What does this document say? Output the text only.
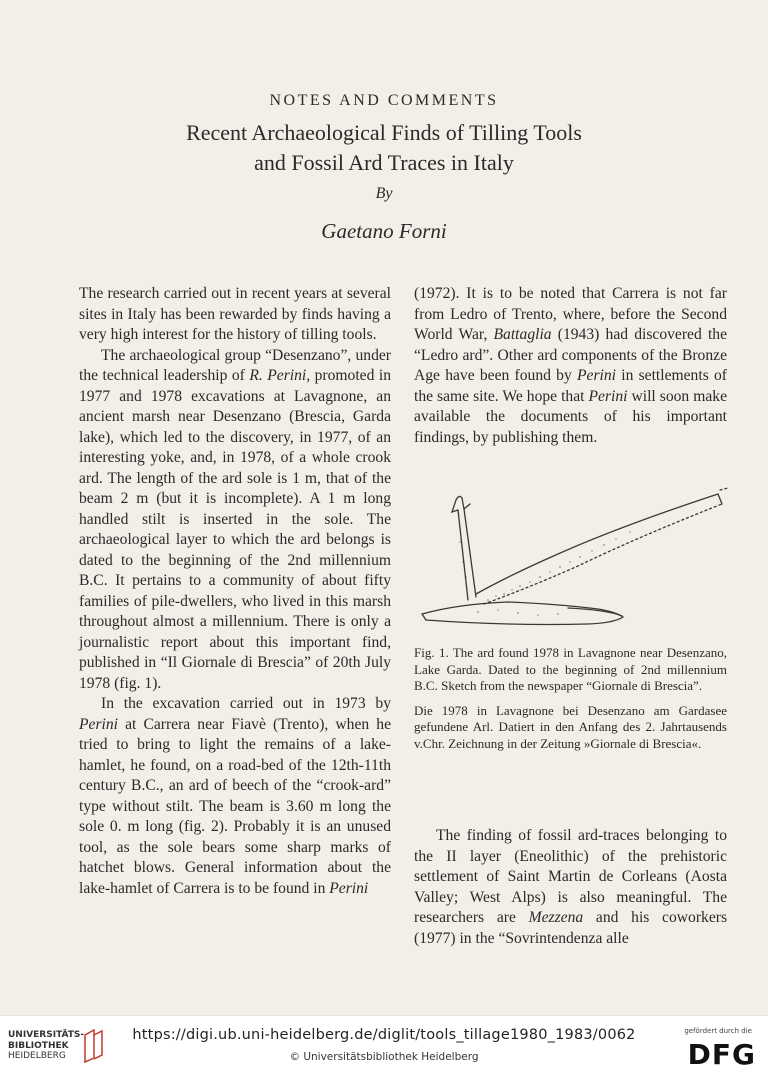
NOTES AND COMMENTS
Recent Archaeological Finds of Tilling Tools
and Fossil Ard Traces in Italy
By
Gaetano Forni

The research carried out in recent years at several sites in Italy has been rewarded by finds having a very high interest for the history of tilling tools.

The archaeological group “Desenzano”, under the technical leadership of R. Perini, promoted in 1977 and 1978 excavations at Lavagnone, an ancient marsh near Desenzano (Brescia, Garda lake), which led to the discovery, in 1977, of an interesting yoke, and, in 1978, of a whole crook ard. The length of the ard sole is 1 m, that of the beam 2 m (but it is incomplete). A 1 m long handled stilt is inserted in the sole. The archaeological layer to which the ard belongs is dated to the beginning of the 2nd millennium B.C. It pertains to a community of about fifty families of pile-dwellers, who lived in this marsh throughout almost a millennium. There is only a journalistic report about this important find, published in “Il Giornale di Brescia” of 20th July 1978 (fig. 1).

In the excavation carried out in 1973 by Perini at Carrera near Fiavè (Trento), when he tried to bring to light the remains of a lake-hamlet, he found, on a road-bed of the 12th-11th century B.C., an ard of beech of the “crook-ard” type without stilt. The beam is 3.60 m long the sole 0. m long (fig. 2). Probably it is an unused tool, as the sole bears some sharp marks of hatchet blows. General information about the lake-hamlet of Carrera is to be found in Perini

(1972). It is to be noted that Carrera is not far from Ledro of Trento, where, before the Second World War, Battaglia (1943) had discovered the “Ledro ard”. Other ard components of the Bronze Age have been found by Perini in settlements of the same site. We hope that Perini will soon make available the documents of his important findings, by publishing them.

Fig. 1. The ard found 1978 in Lavagnone near Desenzano, Lake Garda. Dated to the beginning of 2nd millennium B.C. Sketch from the newspaper “Giornale di Brescia”.

Die 1978 in Lavagnone bei Desenzano am Gardasee gefundene Arl. Datiert in den Anfang des 2. Jahrtausends v.Chr. Zeichnung in der Zeitung »Giornale di Brescia«.

The finding of fossil ard-traces belonging to the II layer (Eneolithic) of the prehistoric settlement of Saint Martin de Corleans (Aosta Valley; West Alps) is also meaningful. The researchers are Mezzena and his coworkers (1977) in the “Sovrintendenza alle

UNIVERSITÄTS-
BIBLIOTHEK
HEIDELBERG
https://digi.ub.uni-heidelberg.de/diglit/tools_tillage1980_1983/0062
© Universitätsbibliothek Heidelberg
gefördert durch die
DFG
